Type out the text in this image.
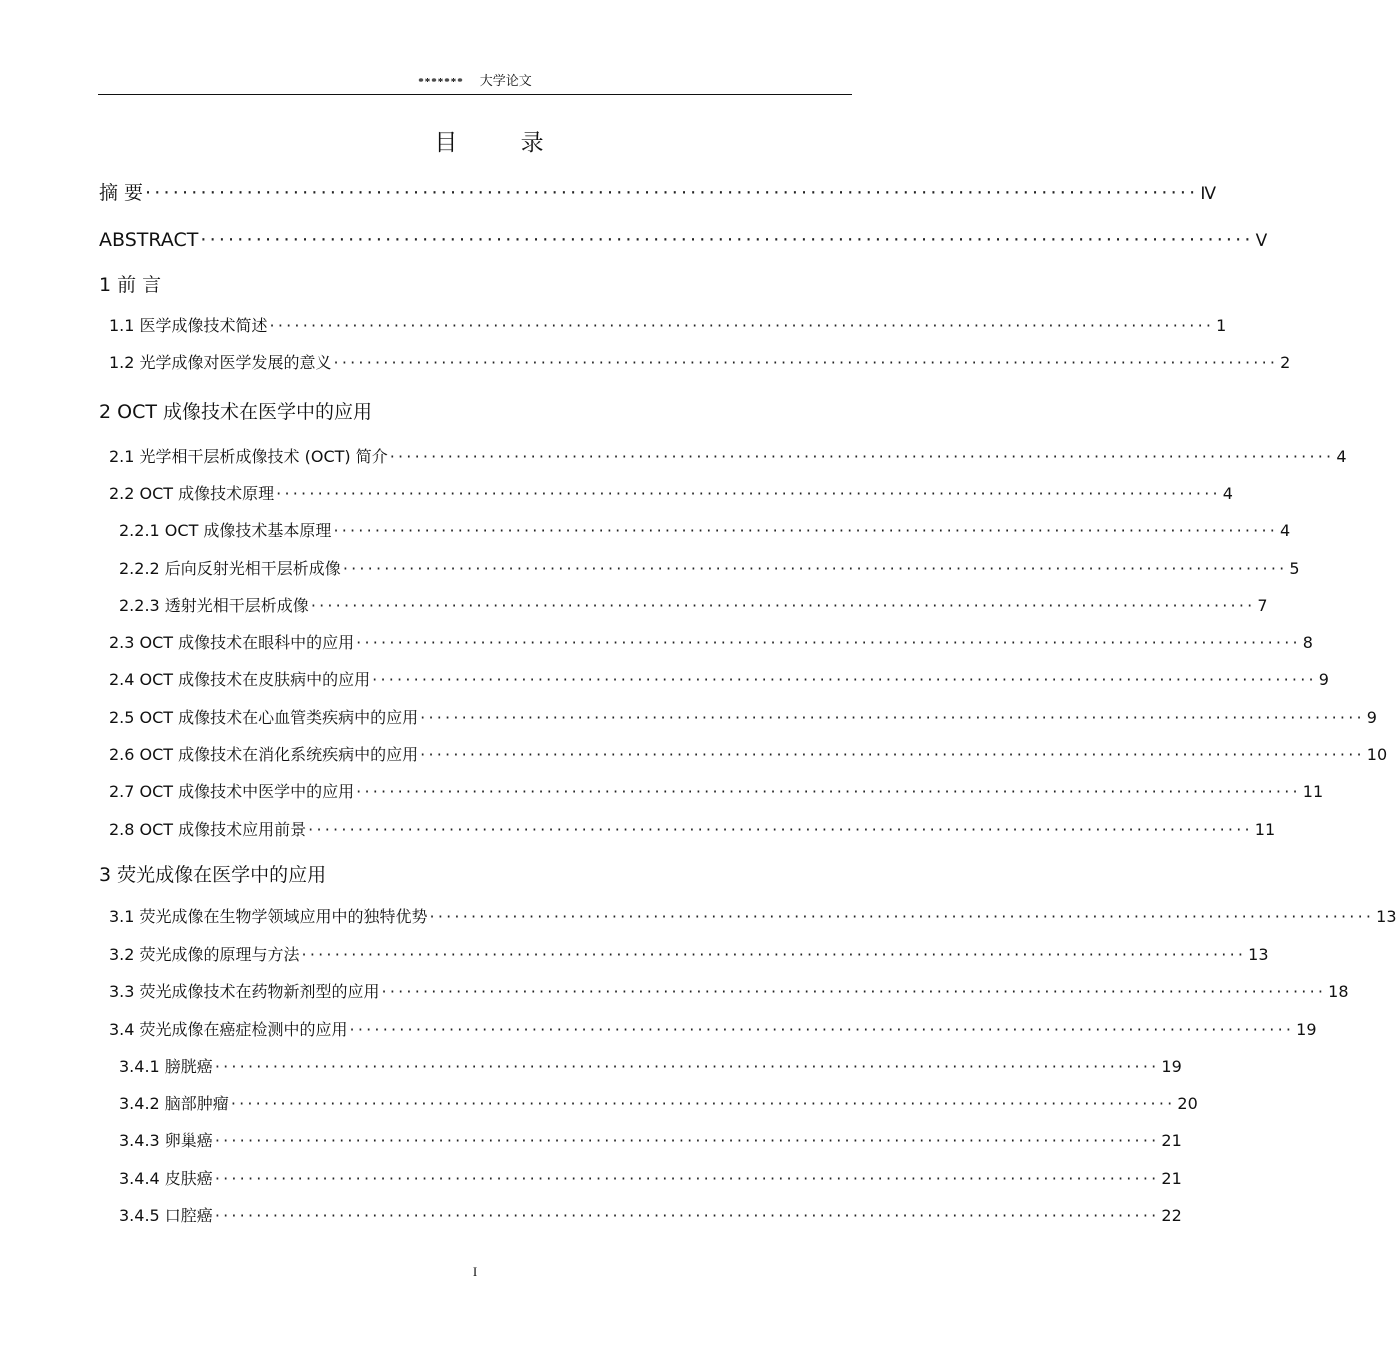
******* 大学论文
目 录
摘 要 ·················································································································· Ⅳ
ABSTRACT ·················································································································· Ⅴ
1 前 言
1.1 医学成像技术简述 ·················································································································· 1
1.2 光学成像对医学发展的意义 ·················································································································· 2
2 OCT 成像技术在医学中的应用
2.1 光学相干层析成像技术 (OCT) 简介 ·················································································································· 4
2.2 OCT 成像技术原理 ·················································································································· 4
2.2.1 OCT 成像技术基本原理 ·················································································································· 4
2.2.2 后向反射光相干层析成像 ·················································································································· 5
2.2.3 透射光相干层析成像 ·················································································································· 7
2.3 OCT 成像技术在眼科中的应用 ·················································································································· 8
2.4 OCT 成像技术在皮肤病中的应用 ·················································································································· 9
2.5 OCT 成像技术在心血管类疾病中的应用 ·················································································································· 9
2.6 OCT 成像技术在消化系统疾病中的应用 ·················································································································· 10
2.7 OCT 成像技术中医学中的应用 ·················································································································· 11
2.8 OCT 成像技术应用前景 ·················································································································· 11
3 荧光成像在医学中的应用
3.1 荧光成像在生物学领域应用中的独特优势 ·················································································································· 13
3.2 荧光成像的原理与方法 ·················································································································· 13
3.3 荧光成像技术在药物新剂型的应用 ·················································································································· 18
3.4 荧光成像在癌症检测中的应用 ·················································································································· 19
3.4.1 膀胱癌 ·················································································································· 19
3.4.2 脑部肿瘤 ·················································································································· 20
3.4.3 卵巢癌 ·················································································································· 21
3.4.4 皮肤癌 ·················································································································· 21
3.4.5 口腔癌 ·················································································································· 22
I
